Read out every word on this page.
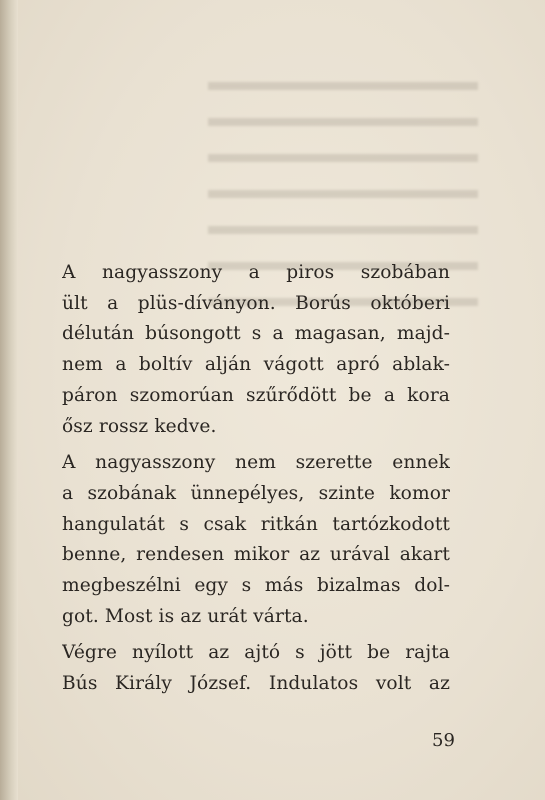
A nagyasszony a piros szobában
ült a plüs-díványon. Borús októberi
délután búsongott s a magasan, majd-
nem a boltív alján vágott apró ablak-
páron szomorúan szűrődött be a kora
ősz rossz kedve.
A nagyasszony nem szerette ennek
a szobának ünnepélyes, szinte komor
hangulatát s csak ritkán tartózkodott
benne, rendesen mikor az urával akart
megbeszélni egy s más bizalmas dol-
got. Most is az urát várta.
Végre nyílott az ajtó s jött be rajta
Bús Király József. Indulatos volt az
59
